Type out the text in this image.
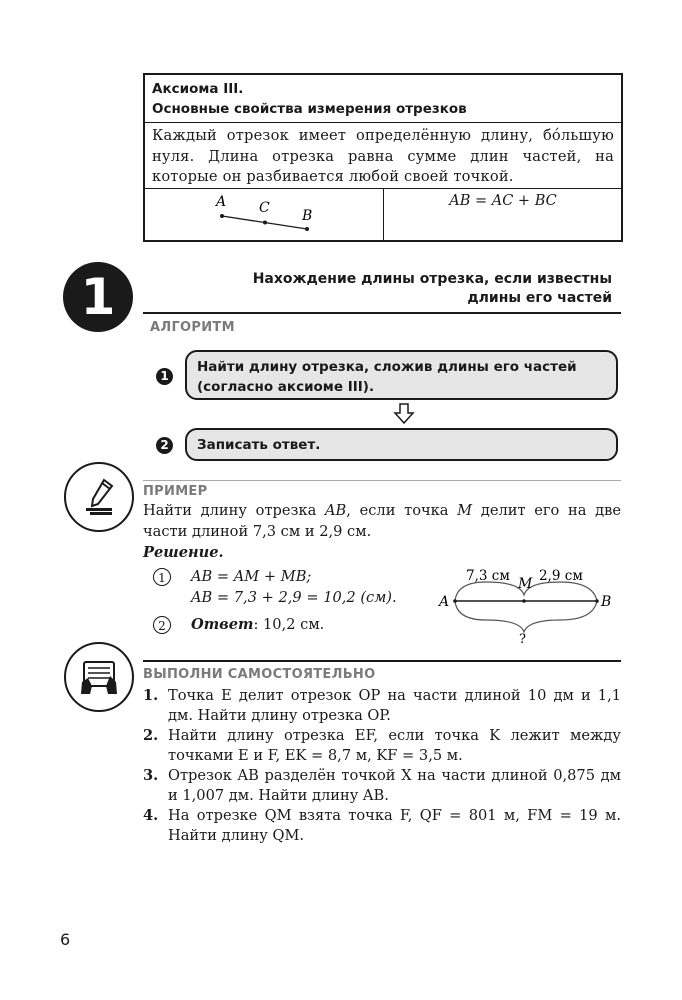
Аксиома III.
Основные свойства измерения отрезков
Каждый отрезок имеет определённую длину, бóльшую нуля. Длина отрезка равна сумме длин частей, на которые он разбивается любой своей точкой.
A C B
AB = AC + BC
1	Нахождение длины отрезка, если известны
длины его частей
АЛГОРИТМ
1
Найти длину отрезка, сложив длины его частей (согласно аксиоме III).
2	Записать ответ.
ПРИМЕР
Найти длину отрезка AB, если точка M делит его на две части длиной 7,3 см и 2,9 см.
Решение.
1	AB = AM + MB;
AB = 7,3 + 2,9 = 10,2 (см).
2	Ответ: 10,2 см.
A	B
M
7,3 см 2,9 см
?
ВЫПОЛНИ САМОСТОЯТЕЛЬНО
1. Точка E делит отрезок OP на части длиной 10 дм и 1,1 дм. Найти длину отрезка OP.
2. Найти длину отрезка EF, если точка K лежит между точками E и F, EK = 8,7 м, KF = 3,5 м.
3. Отрезок AB разделён точкой X на части длиной 0,875 дм и 1,007 дм. Найти длину AB.
4. На отрезке QM взята точка F, QF = 801 м, FM = 19 м. Найти длину QM.
6
